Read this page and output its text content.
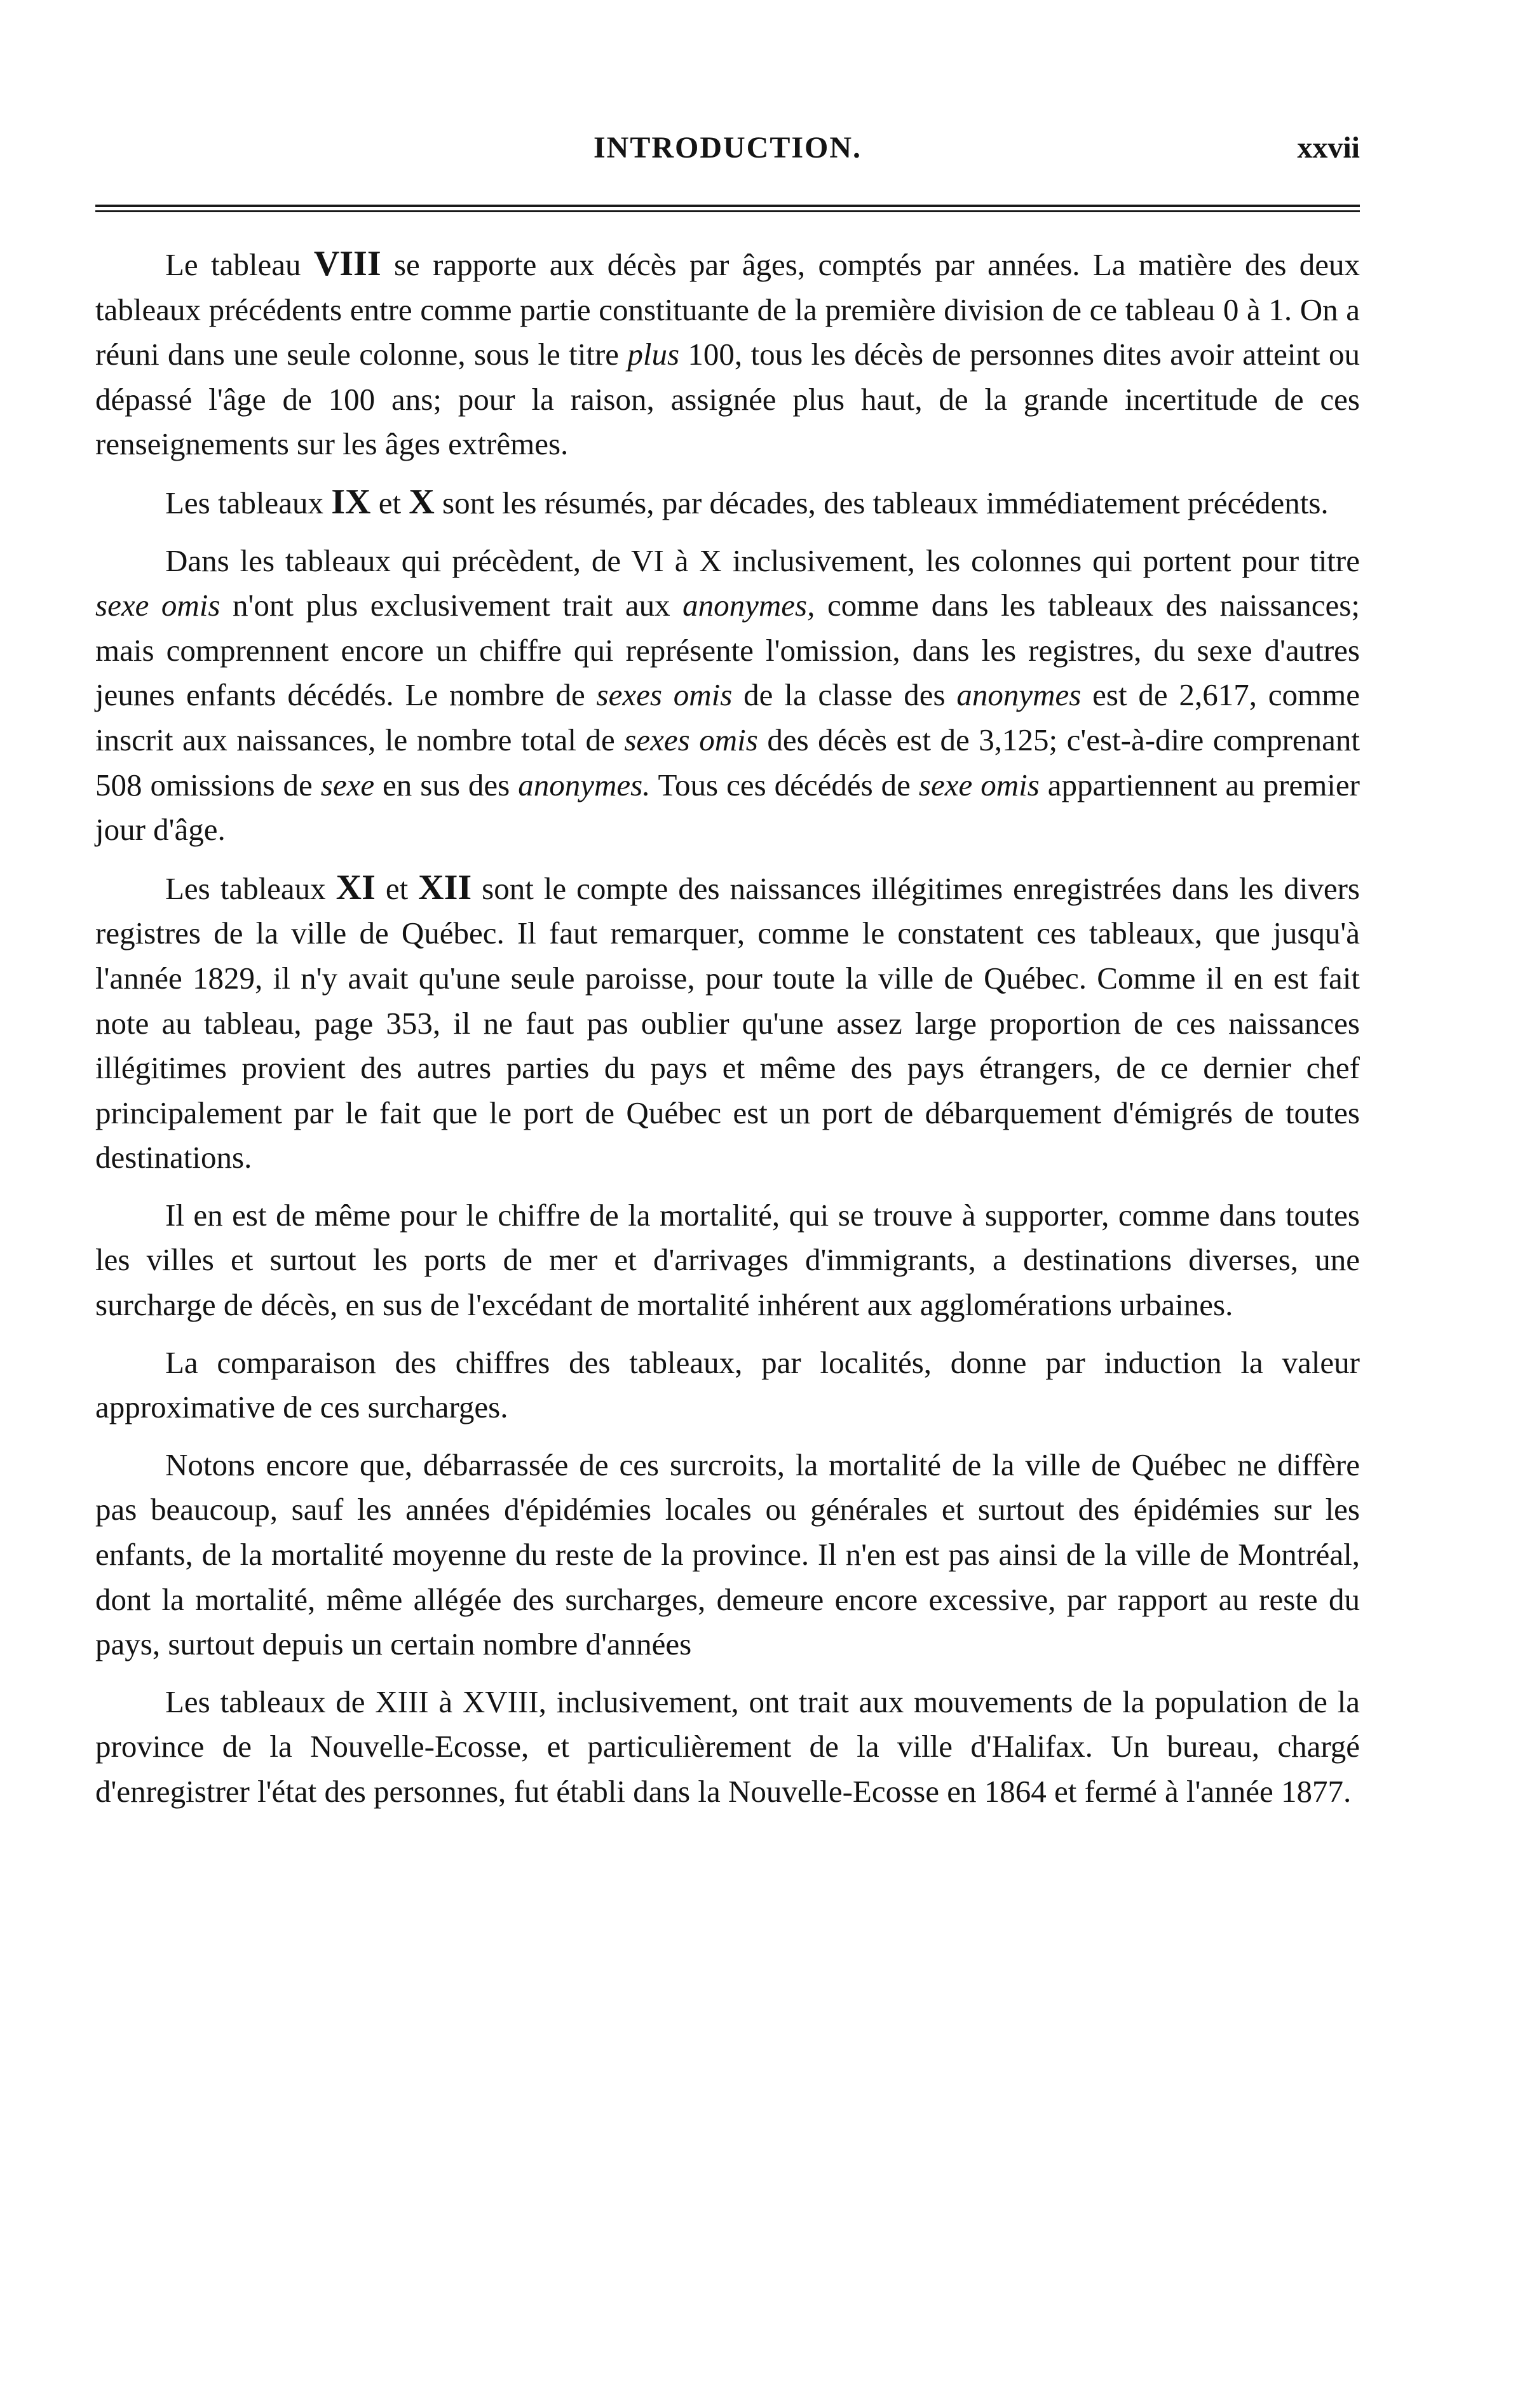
INTRODUCTION.	xxvii

Le tableau VIII se rapporte aux décès par âges, comptés par années. La matière des deux tableaux précédents entre comme partie constituante de la première division de ce tableau 0 à 1. On a réuni dans une seule colonne, sous le titre plus 100, tous les décès de personnes dites avoir atteint ou dépassé l'âge de 100 ans; pour la raison, assignée plus haut, de la grande incertitude de ces renseignements sur les âges extrêmes.

Les tableaux IX et X sont les résumés, par décades, des tableaux immédiatement précédents.

Dans les tableaux qui précèdent, de VI à X inclusivement, les colonnes qui portent pour titre sexe omis n'ont plus exclusivement trait aux anonymes, comme dans les tableaux des naissances; mais comprennent encore un chiffre qui représente l'omission, dans les registres, du sexe d'autres jeunes enfants décédés. Le nombre de sexes omis de la classe des anonymes est de 2,617, comme inscrit aux naissances, le nombre total de sexes omis des décès est de 3,125; c'est-à-dire comprenant 508 omissions de sexe en sus des anonymes. Tous ces décédés de sexe omis appartiennent au premier jour d'âge.

Les tableaux XI et XII sont le compte des naissances illégitimes enregistrées dans les divers registres de la ville de Québec. Il faut remarquer, comme le constatent ces tableaux, que jusqu'à l'année 1829, il n'y avait qu'une seule paroisse, pour toute la ville de Québec. Comme il en est fait note au tableau, page 353, il ne faut pas oublier qu'une assez large proportion de ces naissances illégitimes provient des autres parties du pays et même des pays étrangers, de ce dernier chef principalement par le fait que le port de Québec est un port de débarquement d'émigrés de toutes destinations.

Il en est de même pour le chiffre de la mortalité, qui se trouve à supporter, comme dans toutes les villes et surtout les ports de mer et d'arrivages d'immigrants, a destinations diverses, une surcharge de décès, en sus de l'excédant de mortalité inhérent aux agglomérations urbaines.

La comparaison des chiffres des tableaux, par localités, donne par induction la valeur approximative de ces surcharges.

Notons encore que, débarrassée de ces surcroits, la mortalité de la ville de Québec ne diffère pas beaucoup, sauf les années d'épidémies locales ou générales et surtout des épidémies sur les enfants, de la mortalité moyenne du reste de la province. Il n'en est pas ainsi de la ville de Montréal, dont la mortalité, même allégée des surcharges, demeure encore excessive, par rapport au reste du pays, surtout depuis un certain nombre d'années

Les tableaux de XIII à XVIII, inclusivement, ont trait aux mouvements de la population de la province de la Nouvelle-Ecosse, et particulièrement de la ville d'Halifax. Un bureau, chargé d'enregistrer l'état des personnes, fut établi dans la Nouvelle-Ecosse en 1864 et fermé à l'année 1877.
